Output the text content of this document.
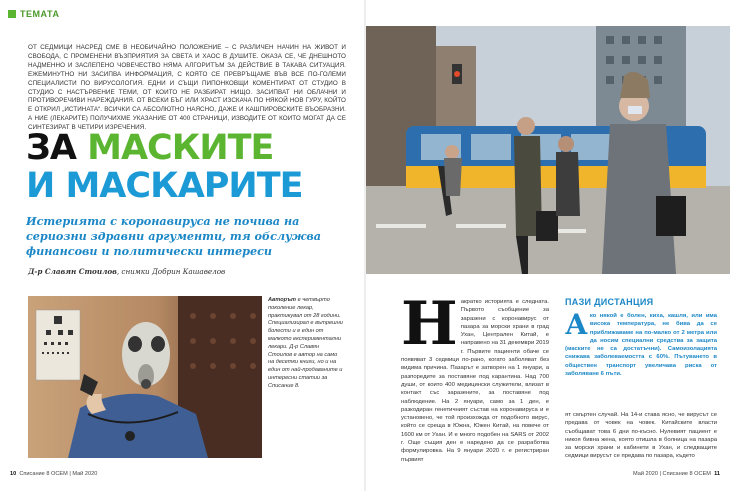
ТЕМАТА
ОТ СЕДМИЦИ НАСРЕД СМЕ В НЕОБИЧАЙНО ПОЛОЖЕНИЕ – С РАЗЛИЧЕН НАЧИН НА ЖИВОТ И СВОБОДА, С ПРОМЕНЕНИ ВЪЗПРИЯТИЯ ЗА СВЕТА И ХАОС В ДУШИТЕ. ОКАЗА СЕ, ЧЕ ДНЕШНОТО НАДМЕННО И ЗАСЛЕПЕНО ЧОВЕЧЕСТВО НЯМА АЛГОРИТЪМ ЗА ДЕЙСТВИЕ В ТАКАВА СИТУАЦИЯ. ЕЖЕМИНУТНО НИ ЗАСИПВА ИНФОРМАЦИЯ, С КОЯТО СЕ ПРЕВРЪЩАМЕ ВЪВ ВСЕ ПО-ГОЛЕМИ СПЕЦИАЛИСТИ ПО ВИРУСОЛОГИЯ. ЕДНИ И СЪЩИ ПИПОНКОВЩИ КОМЕНТИРАТ ОТ СТУДИО В СТУДИО С НАСТЪРВЕНИЕ ТЕМИ, ОТ КОИТО НЕ РАЗБИРАТ НИЩО. ЗАСИПВАТ НИ ОБЛАЧНИ И ПРОТИВОРЕЧИВИ НАРЕЖДАНИЯ. ОТ ВСЕКИ БЪГ ИЛИ ХРАСТ ИЗСКАЧА ПО НЯКОЙ НОВ ГУРУ, КОЙТО Е ОТКРИЛ „ИСТИНАТА“. ВСИЧКИ СА АБСОЛЮТНО НАЯСНО, ДАЖЕ И КАШПИРОВСКИТЕ ВЪОБРАЗНИ. А НИЕ (ЛЕКАРИТЕ) ПОЛУЧИХМЕ УКАЗАНИЕ ОТ 400 СТРАНИЦИ, ИЗВОДИТЕ ОТ КОИТО МОГАТ ДА СЕ СИНТЕЗИРАТ В ЧЕТИРИ ИЗРЕЧЕНИЯ.
ЗА МАСКИТЕ
И МАСКАРИТЕ
Истерията с коронавируса не почива на сериозни здравни аргументи, тя обслужва финансови и политически интереси
Д-р Славян Стоилов, снимки Добрин Кашавелов
Авторът е четвърто поколение лекар, практикувал от 28 години. Специализирал е вътрешни болести и е един от малкото експериментални лекари. Д-р Славян Стоилов е автор на само на десетки книги, но и на един от най-продаваните и интересни статии за Списание 8.
10 Списание 8 ОСЕМ | Май 2020
Накратко историята е следната. Първото съобщение за заразени с коронавирус от пазара за морски храни в град Ухан, Централен Китай, е направено на 31 декември 2019 г. Първите пациенти обаче се появяват 3 седмици по-рано, когато заболяват без видима причина. Пазарът е затворен на 1 януари, а разпоредите за поставяне под карантина. Над 700 души, от които 400 медицински служители, влизат в контакт със заразените, за поставяне под наблюдение. На 2 януари, само за 1 ден, е разкодиран генетичният състав на коронавируса и е установено, че той произхожда от подобното вирус, който се среща в Южна, Южен Китай, на повече от 1600 км от Ухан. И е много подобен на SARS от 2002 г. Още същия ден е наредено да се разработва формулировка. На 9 януари 2020 г. е регистриран първият
ПАЗИ ДИСТАНЦИЯ
Ако някой е болен, киха, кашля, или има висока температура, не бива да се приближаваме на по-малко от 2 метра или да носим специални средства за защита (маските не са достатъчни). Самоизолацията снижава заболеваемостта с 60%. Пътуването в обществен транспорт увеличава риска от заболяване 6 пъти.
ят смъртен случай. На 14-и става ясно, че вирусът се предава от човек на човек. Китайските власти съобщават това 6 дни по-късно. Нулевият пациент е никоя бивна жена, която отишла в болница на пазара за морски храни и кабинети в Ухан, и следващите седмици вирусът се предава по пазара, където
Май 2020 | Списание 8 ОСЕМ 11
